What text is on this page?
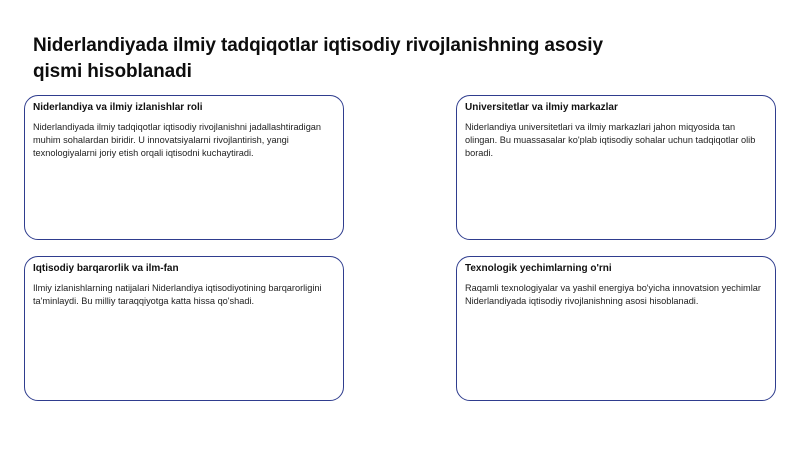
Niderlandiyada ilmiy tadqiqotlar iqtisodiy rivojlanishning asosiy qismi hisoblanadi

Niderlandiya va ilmiy izlanishlar roli

Niderlandiyada ilmiy tadqiqotlar iqtisodiy rivojlanishni jadallashtiradigan muhim sohalardan biridir. U innovatsiyalarni rivojlantirish, yangi texnologiyalarni joriy etish orqali iqtisodni kuchaytiradi.

Universitetlar va ilmiy markazlar

Niderlandiya universitetlari va ilmiy markazlari jahon miqyosida tan olingan. Bu muassasalar ko'plab iqtisodiy sohalar uchun tadqiqotlar olib boradi.

Iqtisodiy barqarorlik va ilm-fan

Ilmiy izlanishlarning natijalari Niderlandiya iqtisodiyotining barqarorligini ta'minlaydi. Bu milliy taraqqiyotga katta hissa qo'shadi.

Texnologik yechimlarning o'rni

Raqamli texnologiyalar va yashil energiya bo'yicha innovatsion yechimlar Niderlandiyada iqtisodiy rivojlanishning asosi hisoblanadi.
